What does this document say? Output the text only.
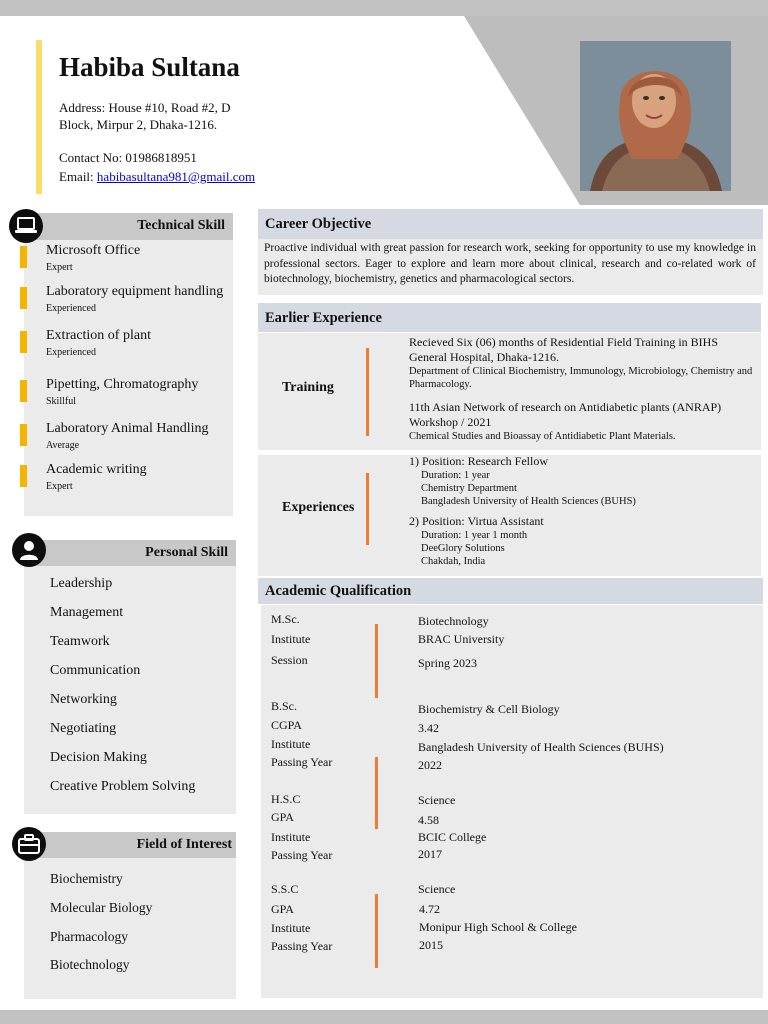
Habiba Sultana
Address: House #10, Road #2, D Block, Mirpur 2, Dhaka-1216.
Contact No: 01986818951
Email: habibasultana981@gmail.com
Technical Skill
Microsoft Office
Expert
Laboratory equipment handling
Experienced
Extraction of plant
Experienced
Pipetting, Chromatography
Skillful
Laboratory Animal Handling
Average
Academic writing
Expert
Personal Skill
Leadership
Management
Teamwork
Communication
Networking
Negotiating
Decision Making
Creative Problem Solving
Field of Interest
Biochemistry
Molecular Biology
Pharmacology
Biotechnology
Career Objective
Proactive individual with great passion for research work, seeking for opportunity to use my knowledge in professional sectors. Eager to explore and learn more about clinical, research and co-related work of biotechnology, biochemistry, genetics and pharmacological sectors.
Earlier Experience
Training
Recieved Six (06) months of Residential Field Training in BIHS General Hospital, Dhaka-1216.
Department of Clinical Biochemistry, Immunology, Microbiology, Chemistry and Pharmacology.
11th Asian Network of research on Antidiabetic plants (ANRAP) Workshop / 2021
Chemical Studies and Bioassay of Antidiabetic Plant Materials.
Experiences
1) Position: Research Fellow
Duration: 1 year
Chemistry Department
Bangladesh University of Health Sciences (BUHS)
2) Position: Virtua Assistant
Duration: 1 year 1 month
DeeGlory Solutions
Chakdah, India
Academic Qualification
M.Sc.
Institute
Session
Biotechnology
BRAC University
Spring 2023
B.Sc.
CGPA
Institute
Passing Year
Biochemistry & Cell Biology
3.42
Bangladesh University of Health Sciences (BUHS)
2022
H.S.C
GPA
Institute
Passing Year
Science
4.58
BCIC College
2017
S.S.C
GPA
Institute
Passing Year
Science
4.72
Monipur High School & College
2015
